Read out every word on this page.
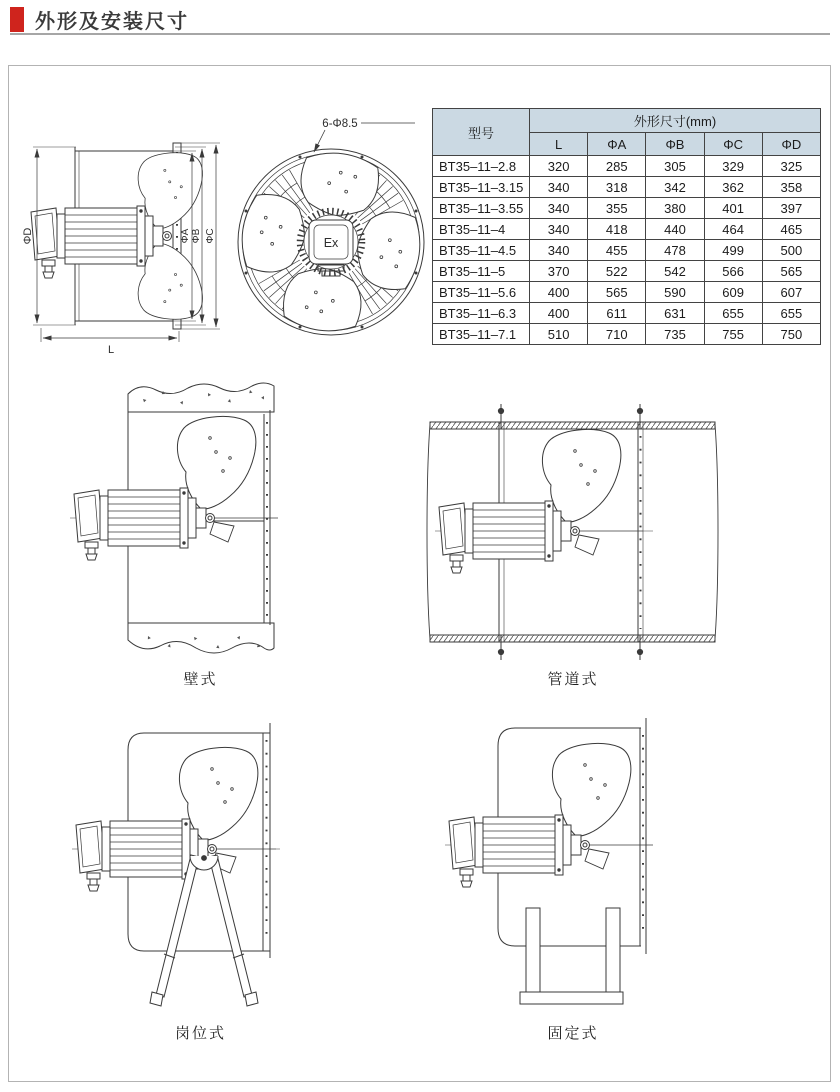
外形及安装尺寸
ΦD	ΦA ΦB ΦC
L
Ex
6-Φ8.5
型号	外形尺寸(mm)				
	L	ΦA	ΦB	ΦC	ΦD
BT35–11–2.8	320	285	305	329	325
BT35–11–3.15	340	318	342	362	358
BT35–11–3.55	340	355	380	401	397
BT35–11–4	340	418	440	464	465
BT35–11–4.5	340	455	478	499	500
BT35–11–5	370	522	542	566	565
BT35–11–5.6	400	565	590	609	607
BT35–11–6.3	400	611	631	655	655
BT35–11–7.1	510	710	735	755	750
壁式	管道式
岗位式	固定式
